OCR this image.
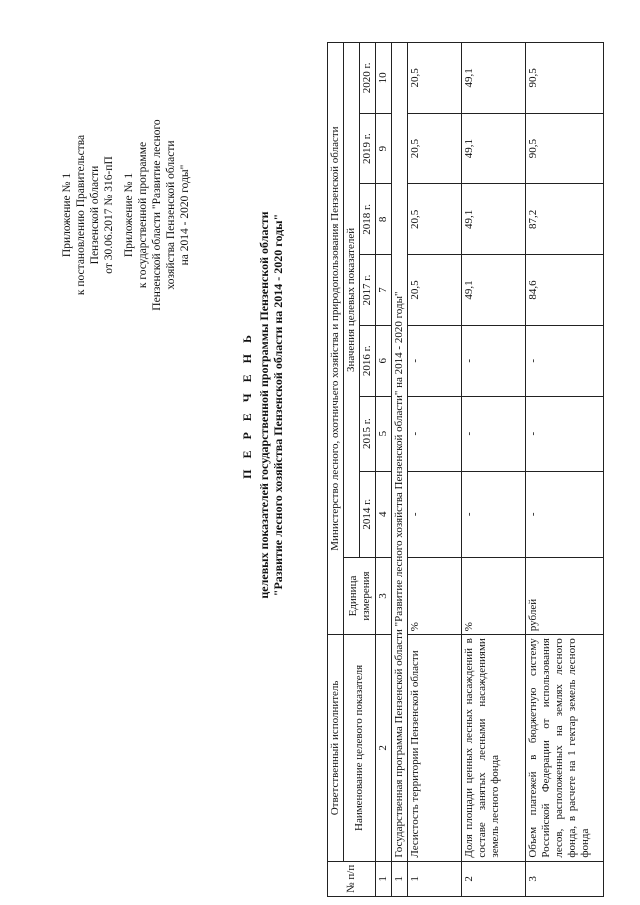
Приложение № 1 к постановлению Правительства Пензенской области от 30.06.2017 № 316-пП Приложение № 1 к государственной программе Пензенской области "Развитие лесного хозяйства Пензенской области на 2014 - 2020 годы"
П Е Р Е Ч Е Н Ь целевых показателей государственной программы Пензенской области "Развитие лесного хозяйства Пензенской области на 2014 - 2020 годы"
№ п/п	Ответственный исполнитель	Министерство лесного, охотничьего хозяйства и природопользования Пензенской области							
	Наименование целевого показателя	Единица измерения	Значения целевых показателей						
			2014 г.	2015 г.	2016 г.	2017 г.	2018 г.	2019 г.	2020 г.
1	2	3	4	5	6	7	8	9	10
1	Государственная программа Пензенской области "Развитие лесного хозяйства Пензенской области" на 2014 - 2020 годы"								
1	Лесистость территории Пензенской области	%	-	-	-	20,5	20,5	20,5	20,5
2	Доля площади ценных лесных насаждений в составе занятых лесными насаждениями земель лесного фонда	%	-	-	-	49,1	49,1	49,1	49,1
3	Объем платежей в бюджетную систему Российской Федерации от использования лесов, расположенных на землях лесного фонда, в расчете на 1 гектар земель лесного фонда	рублей	-	-	-	84,6	87,2	90,5	90,5
